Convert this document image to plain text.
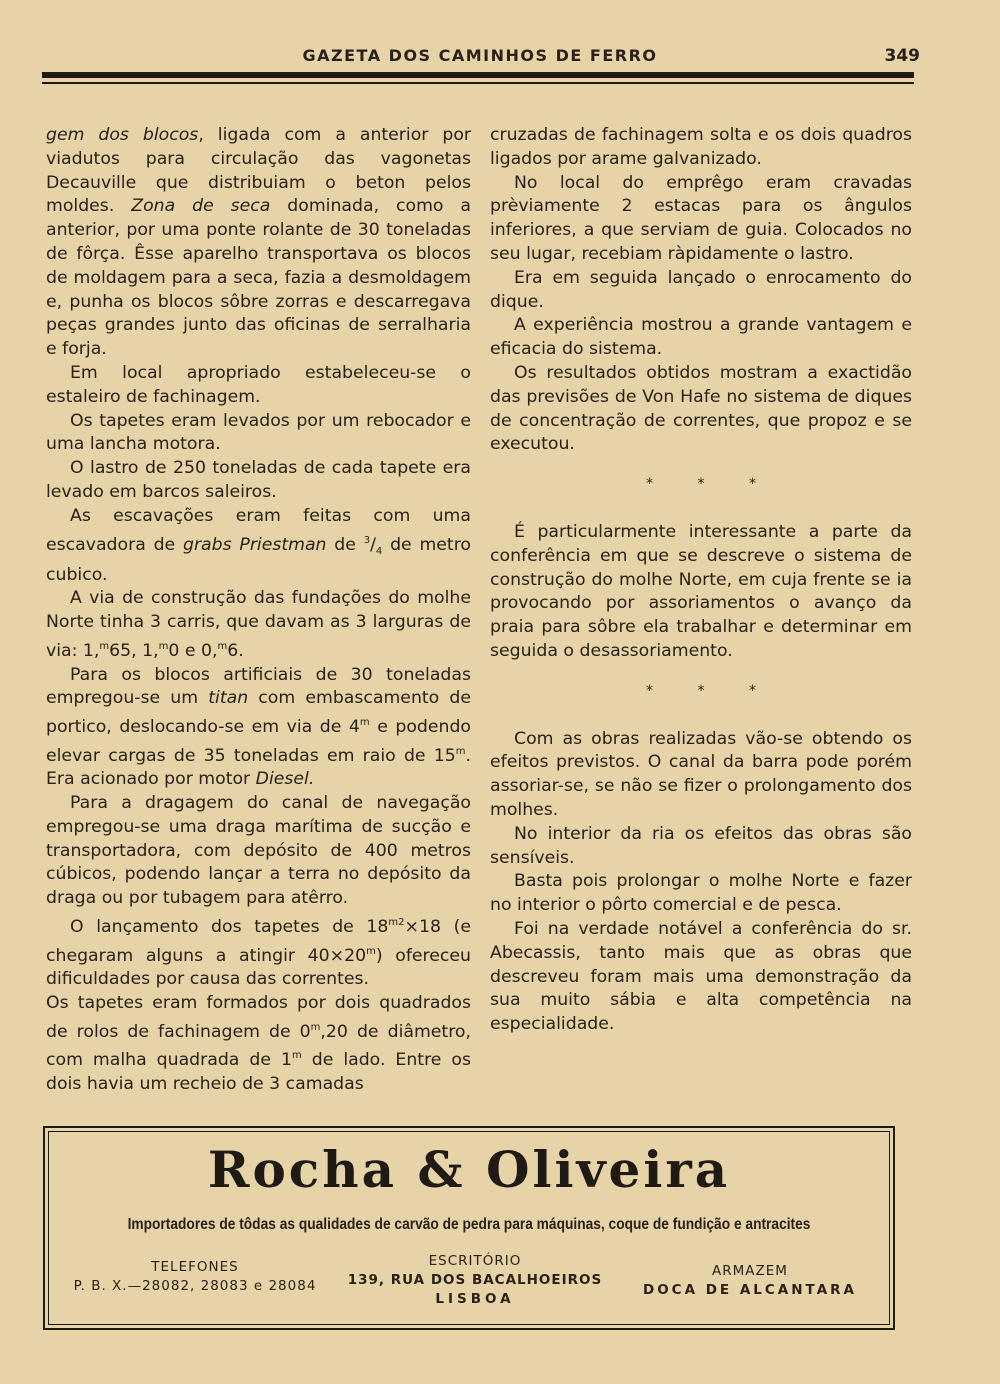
GAZETA DOS CAMINHOS DE FERRO	349

gem dos blocos, ligada com a anterior por viadutos para circulação das vagonetas Decauville que distribuiam o beton pelos moldes. Zona de seca dominada, como a anterior, por uma ponte rolante de 30 toneladas de fôrça. Êsse aparelho transportava os blocos de moldagem para a seca, fazia a desmoldagem e, punha os blocos sôbre zorras e descarregava peças grandes junto das oficinas de serralharia e forja.

Em local apropriado estabeleceu-se o estaleiro de fachinagem.

Os tapetes eram levados por um rebocador e uma lancha motora.

O lastro de 250 toneladas de cada tapete era levado em barcos saleiros.

As escavações eram feitas com uma escavadora de grabs Priestman de $^3/_4$ de metro cubico.

A via de construção das fundações do molhe Norte tinha 3 carris, que davam as 3 larguras de via: 1,$^m$65, 1,$^m$0 e 0,$^m$6.

Para os blocos artificiais de 30 toneladas empregou-se um titan com embascamento de portico, deslocando-se em via de 4$^m$ e podendo elevar cargas de 35 toneladas em raio de 15$^m$. Era acionado por motor Diesel.

Para a dragagem do canal de navegação empregou-se uma draga marítima de sucção e transportadora, com depósito de 400 metros cúbicos, podendo lançar a terra no depósito da draga ou por tubagem para atêrro.

O lançamento dos tapetes de $18^{m2}\times 18$ (e chegaram alguns a atingir $40\times 20^m$) ofereceu dificuldades por causa das correntes.

Os tapetes eram formados por dois quadrados de rolos de fachinagem de 0$^m$,20 de diâmetro, com malha quadrada de 1$^m$ de lado. Entre os dois havia um recheio de 3 camadas

cruzadas de fachinagem solta e os dois quadros ligados por arame galvanizado.

No local do emprêgo eram cravadas prèviamente 2 estacas para os ângulos inferiores, a que serviam de guia. Colocados no seu lugar, recebiam ràpidamente o lastro.

Era em seguida lançado o enrocamento do dique.

A experiência mostrou a grande vantagem e eficacia do sistema.

Os resultados obtidos mostram a exactidão das previsões de Von Hafe no sistema de diques de concentração de correntes, que propoz e se executou.

* * *

É particularmente interessante a parte da conferência em que se descreve o sistema de construção do molhe Norte, em cuja frente se ia provocando por assoriamentos o avanço da praia para sôbre ela trabalhar e determinar em seguida o desassoriamento.

* * *

Com as obras realizadas vão-se obtendo os efeitos previstos. O canal da barra pode porém assoriar-se, se não se fizer o prolongamento dos molhes.

No interior da ria os efeitos das obras são sensíveis.

Basta pois prolongar o molhe Norte e fazer no interior o pôrto comercial e de pesca.

Foi na verdade notável a conferência do sr. Abecassis, tanto mais que as obras que descreveu foram mais uma demonstração da sua muito sábia e alta competência na especialidade.

Rocha & Oliveira
Importadores de tôdas as qualidades de carvão de pedra para máquinas, coque de fundição e antracites
TELEFONES
P. B. X.—28082, 28083 e 28084
ESCRITÓRIO
139, RUA DOS BACALHOEIROS
LISBOA
ARMAZEM
DOCA DE ALCANTARA
